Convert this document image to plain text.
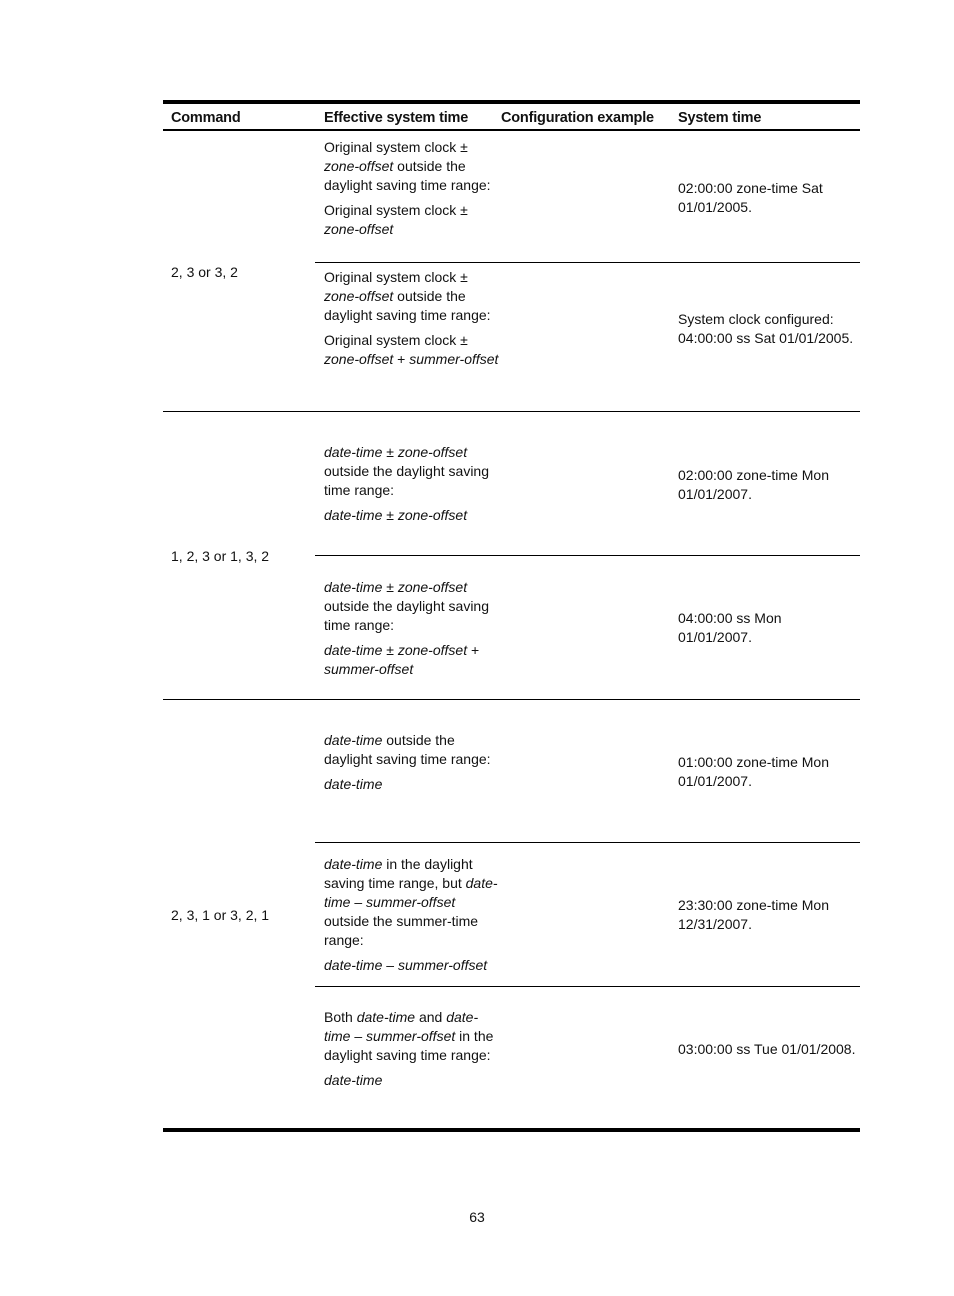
Command	Effective system time Configuration example System time
2, 3 or 3, 2

Original system clock ± zone-offset outside the daylight saving time range:

Original system clock ± zone-offset

02:00:00 zone-time Sat 01/01/2005.

Original system clock ± zone-offset outside the daylight saving time range:

Original system clock ± zone-offset + summer-offset

System clock configured: 04:00:00 ss Sat 01/01/2005.
1, 2, 3 or 1, 3, 2

date-time ± zone-offset outside the daylight saving time range:

date-time ± zone-offset

02:00:00 zone-time Mon 01/01/2007.

date-time ± zone-offset outside the daylight saving time range:

date-time ± zone-offset + summer-offset

04:00:00 ss Mon 01/01/2007.
2, 3, 1 or 3, 2, 1

date-time outside the daylight saving time range:

date-time

01:00:00 zone-time Mon 01/01/2007.

date-time in the daylight saving time range, but date-time – summer-offset outside the summer-time range:

date-time – summer-offset

23:30:00 zone-time Mon 12/31/2007.

Both date-time and date-time – summer-offset in the daylight saving time range:

date-time

03:00:00 ss Tue 01/01/2008.
63
